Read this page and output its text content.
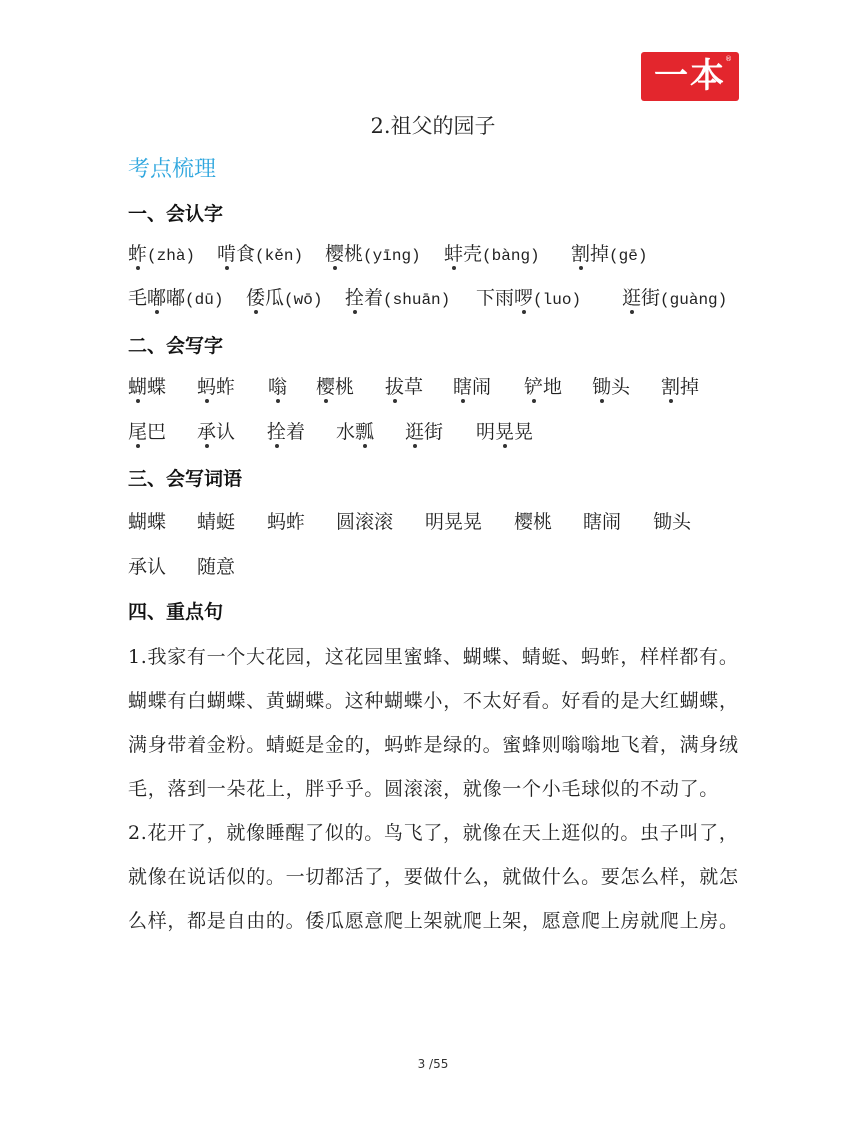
一本 ®
2.祖父的园子
考点梳理
一、会认字
蚱(zhà) 啃食(kěn) 樱桃(yīng) 蚌壳(bàng) 割掉(gē)
毛嘟嘟(dū) 倭瓜(wō) 拴着(shuān) 下雨啰(luo) 逛街(guàng)
二、会写字
蝴蝶 蚂蚱 嗡 樱桃 拔草 瞎闹 铲地 锄头 割掉
尾巴 承认 拴着 水瓢 逛街 明晃晃
三、会写词语
蝴蝶 蜻蜓 蚂蚱 圆滚滚 明晃晃 樱桃 瞎闹 锄头
承认 随意
四、重点句
1.我家有一个大花园，这花园里蜜蜂、蝴蝶、蜻蜓、蚂蚱，样样都有。
蝴蝶有白蝴蝶、黄蝴蝶。这种蝴蝶小，不太好看。好看的是大红蝴蝶，
满身带着金粉。蜻蜓是金的，蚂蚱是绿的。蜜蜂则嗡嗡地飞着，满身绒
毛，落到一朵花上，胖乎乎。圆滚滚，就像一个小毛球似的不动了。
2.花开了，就像睡醒了似的。鸟飞了，就像在天上逛似的。虫子叫了，
就像在说话似的。一切都活了，要做什么，就做什么。要怎么样，就怎
么样，都是自由的。倭瓜愿意爬上架就爬上架，愿意爬上房就爬上房。
3 /55
